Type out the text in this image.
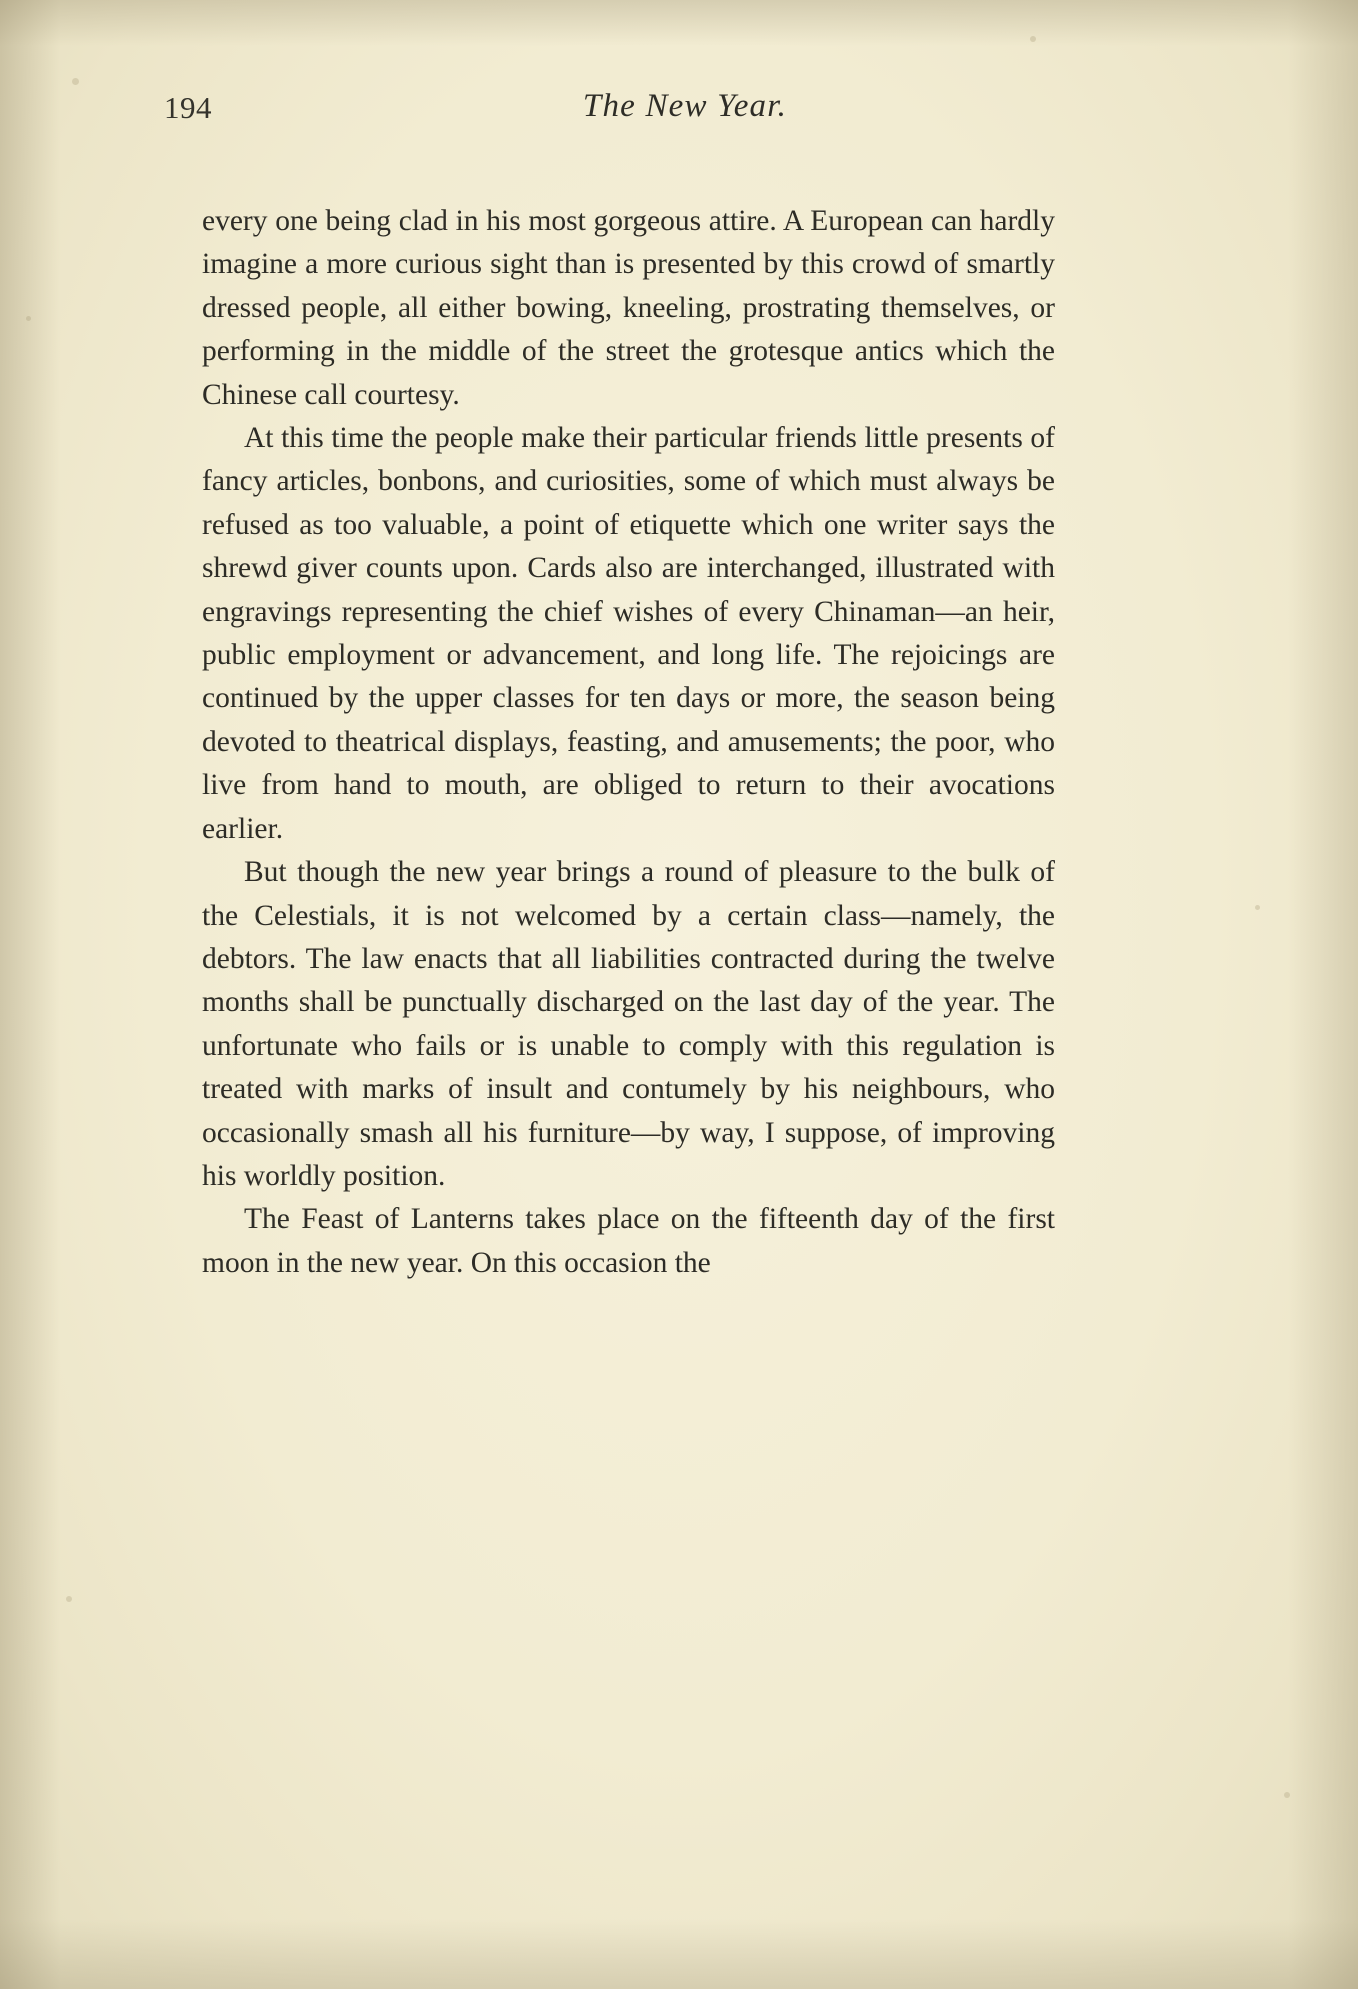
194	The New Year.

every one being clad in his most gorgeous attire. A European can hardly imagine a more curious sight than is presented by this crowd of smartly dressed people, all either bowing, kneeling, prostrating themselves, or performing in the middle of the street the grotesque antics which the Chinese call courtesy.

At this time the people make their particular friends little presents of fancy articles, bonbons, and curiosities, some of which must always be refused as too valuable, a point of etiquette which one writer says the shrewd giver counts upon. Cards also are interchanged, illustrated with engravings representing the chief wishes of every Chinaman—an heir, public employment or advancement, and long life. The rejoicings are continued by the upper classes for ten days or more, the season being devoted to theatrical displays, feasting, and amusements; the poor, who live from hand to mouth, are obliged to return to their avocations earlier.

But though the new year brings a round of pleasure to the bulk of the Celestials, it is not welcomed by a certain class—namely, the debtors. The law enacts that all liabilities contracted during the twelve months shall be punctually discharged on the last day of the year. The unfortunate who fails or is unable to comply with this regulation is treated with marks of insult and contumely by his neighbours, who occasionally smash all his furniture—by way, I suppose, of improving his worldly position.

The Feast of Lanterns takes place on the fifteenth day of the first moon in the new year. On this occasion the
